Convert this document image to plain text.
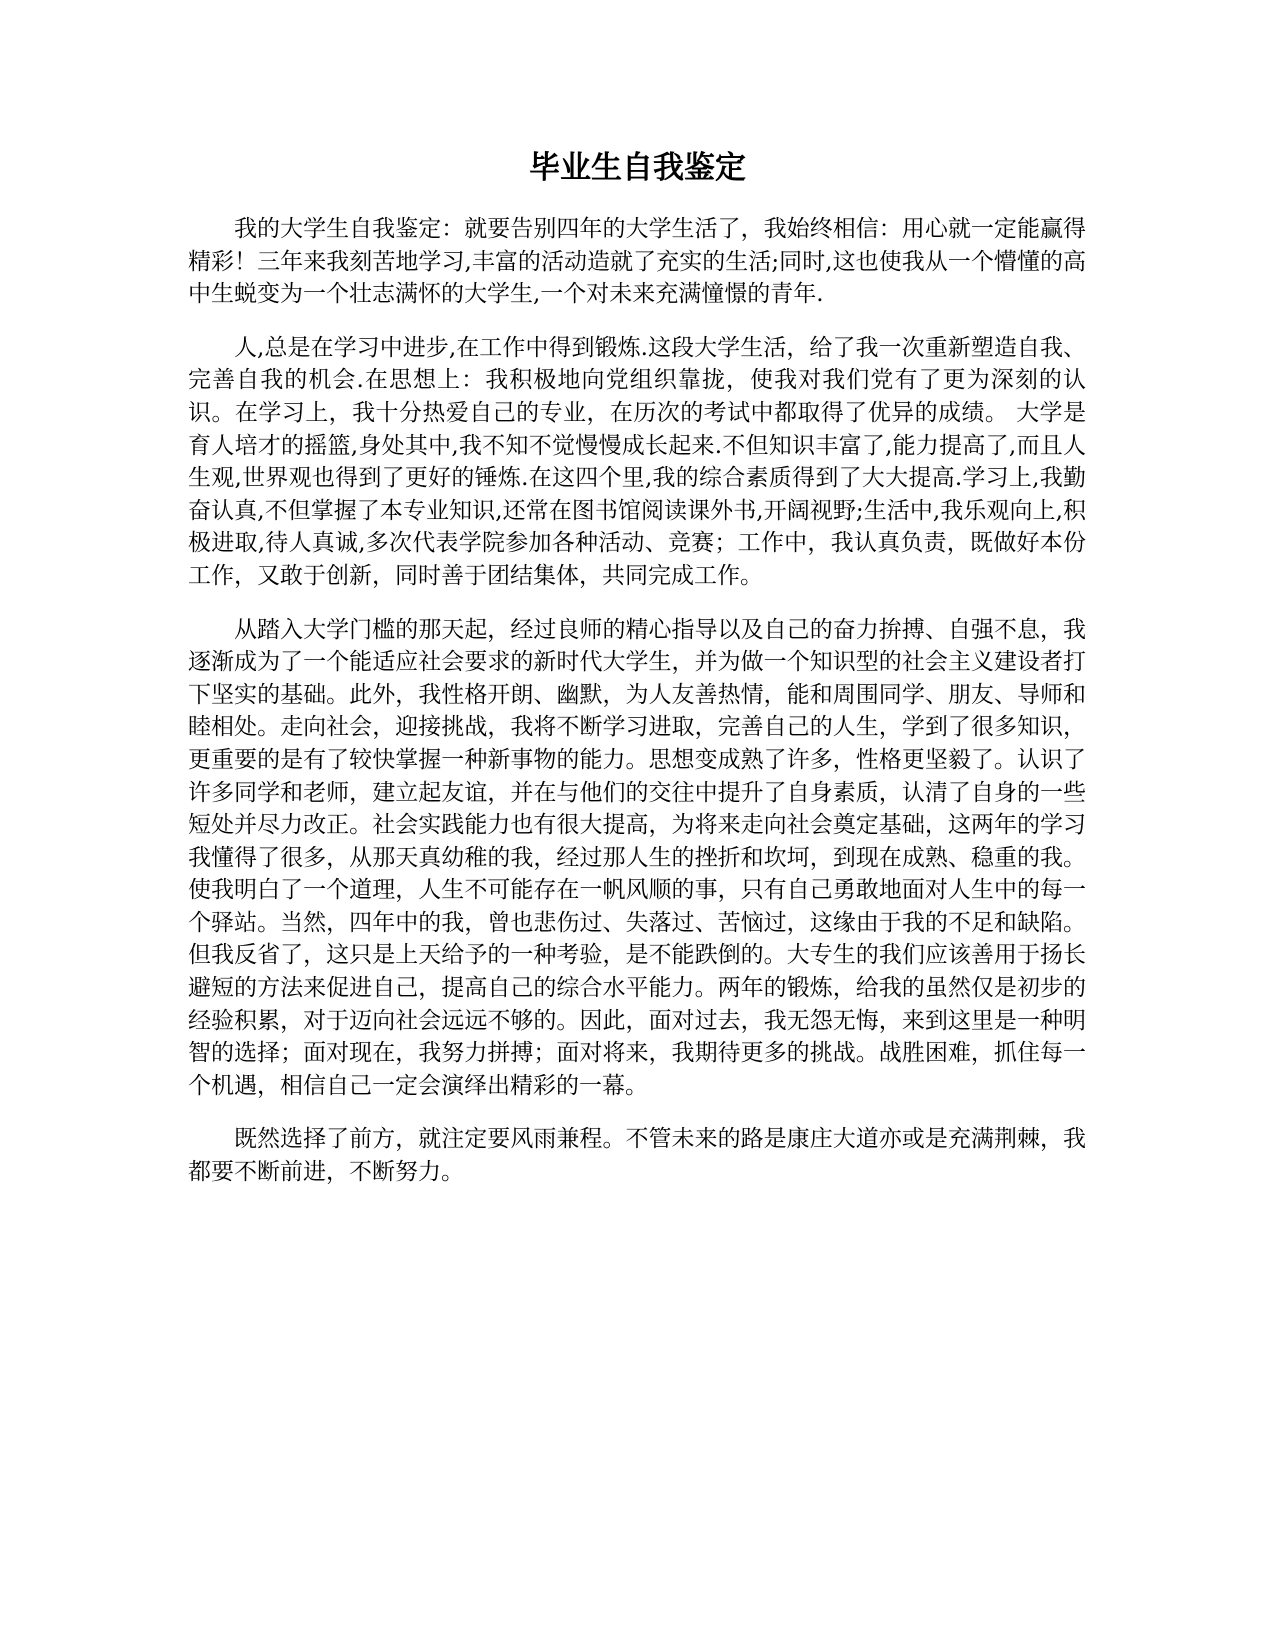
毕业生自我鉴定

我的大学生自我鉴定：就要告别四年的大学生活了，我始终相信：用心就一定能赢得精彩！三年来我刻苦地学习,丰富的活动造就了充实的生活;同时,这也使我从一个懵懂的高中生蜕变为一个壮志满怀的大学生,一个对未来充满憧憬的青年.

人,总是在学习中进步,在工作中得到锻炼.这段大学生活，给了我一次重新塑造自我、完善自我的机会.在思想上：我积极地向党组织靠拢，使我对我们党有了更为深刻的认识。在学习上，我十分热爱自己的专业，在历次的考试中都取得了优异的成绩。 大学是育人培才的摇篮,身处其中,我不知不觉慢慢成长起来.不但知识丰富了,能力提高了,而且人生观,世界观也得到了更好的锤炼.在这四个里,我的综合素质得到了大大提高.学习上,我勤奋认真,不但掌握了本专业知识,还常在图书馆阅读课外书,开阔视野;生活中,我乐观向上,积极进取,待人真诚,多次代表学院参加各种活动、竞赛；工作中，我认真负责，既做好本份工作，又敢于创新，同时善于团结集体，共同完成工作。

从踏入大学门槛的那天起，经过良师的精心指导以及自己的奋力拚搏、自强不息，我逐渐成为了一个能适应社会要求的新时代大学生，并为做一个知识型的社会主义建设者打下坚实的基础。此外，我性格开朗、幽默，为人友善热情，能和周围同学、朋友、导师和睦相处。走向社会，迎接挑战，我将不断学习进取，完善自己的人生，学到了很多知识，更重要的是有了较快掌握一种新事物的能力。思想变成熟了许多，性格更坚毅了。认识了许多同学和老师，建立起友谊，并在与他们的交往中提升了自身素质，认清了自身的一些短处并尽力改正。社会实践能力也有很大提高，为将来走向社会奠定基础，这两年的学习我懂得了很多，从那天真幼稚的我，经过那人生的挫折和坎坷，到现在成熟、稳重的我。使我明白了一个道理，人生不可能存在一帆风顺的事，只有自己勇敢地面对人生中的每一个驿站。当然，四年中的我，曾也悲伤过、失落过、苦恼过，这缘由于我的不足和缺陷。但我反省了，这只是上天给予的一种考验，是不能跌倒的。大专生的我们应该善用于扬长避短的方法来促进自己，提高自己的综合水平能力。两年的锻炼，给我的虽然仅是初步的经验积累，对于迈向社会远远不够的。因此，面对过去，我无怨无悔，来到这里是一种明智的选择；面对现在，我努力拼搏；面对将来，我期待更多的挑战。战胜困难，抓住每一个机遇，相信自己一定会演绎出精彩的一幕。

既然选择了前方，就注定要风雨兼程。不管未来的路是康庄大道亦或是充满荆棘，我都要不断前进，不断努力。
